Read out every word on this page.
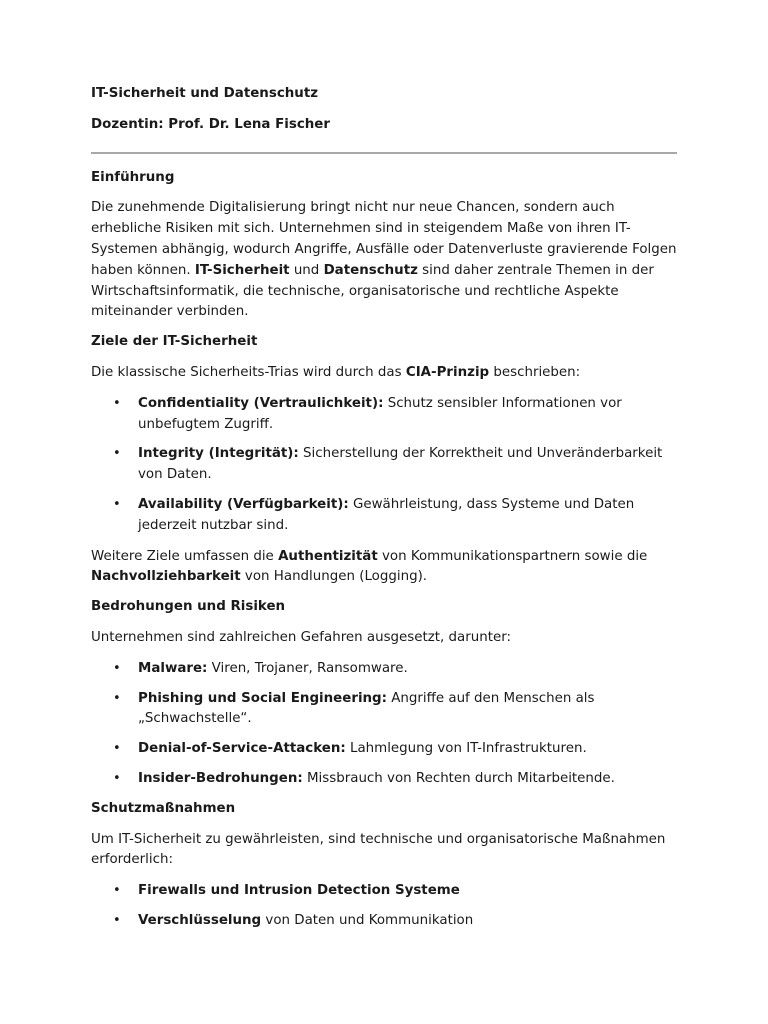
IT-Sicherheit und Datenschutz

Dozentin: Prof. Dr. Lena Fischer

Einführung

Die zunehmende Digitalisierung bringt nicht nur neue Chancen, sondern auch erhebliche Risiken mit sich. Unternehmen sind in steigendem Maße von ihren IT-Systemen abhängig, wodurch Angriffe, Ausfälle oder Datenverluste gravierende Folgen haben können. IT-Sicherheit und Datenschutz sind daher zentrale Themen in der Wirtschaftsinformatik, die technische, organisatorische und rechtliche Aspekte miteinander verbinden.

Ziele der IT-Sicherheit

Die klassische Sicherheits-Trias wird durch das CIA-Prinzip beschrieben:

• Confidentiality (Vertraulichkeit): Schutz sensibler Informationen vor unbefugtem Zugriff.
• Integrity (Integrität): Sicherstellung der Korrektheit und Unveränderbarkeit von Daten.
• Availability (Verfügbarkeit): Gewährleistung, dass Systeme und Daten jederzeit nutzbar sind.

Weitere Ziele umfassen die Authentizität von Kommunikationspartnern sowie die Nachvollziehbarkeit von Handlungen (Logging).

Bedrohungen und Risiken

Unternehmen sind zahlreichen Gefahren ausgesetzt, darunter:

• Malware: Viren, Trojaner, Ransomware.
• Phishing und Social Engineering: Angriffe auf den Menschen als „Schwachstelle“.
• Denial-of-Service-Attacken: Lahmlegung von IT-Infrastrukturen.
• Insider-Bedrohungen: Missbrauch von Rechten durch Mitarbeitende.
Schutzmaßnahmen

Um IT-Sicherheit zu gewährleisten, sind technische und organisatorische Maßnahmen erforderlich:

• Firewalls und Intrusion Detection Systeme
• Verschlüsselung von Daten und Kommunikation
